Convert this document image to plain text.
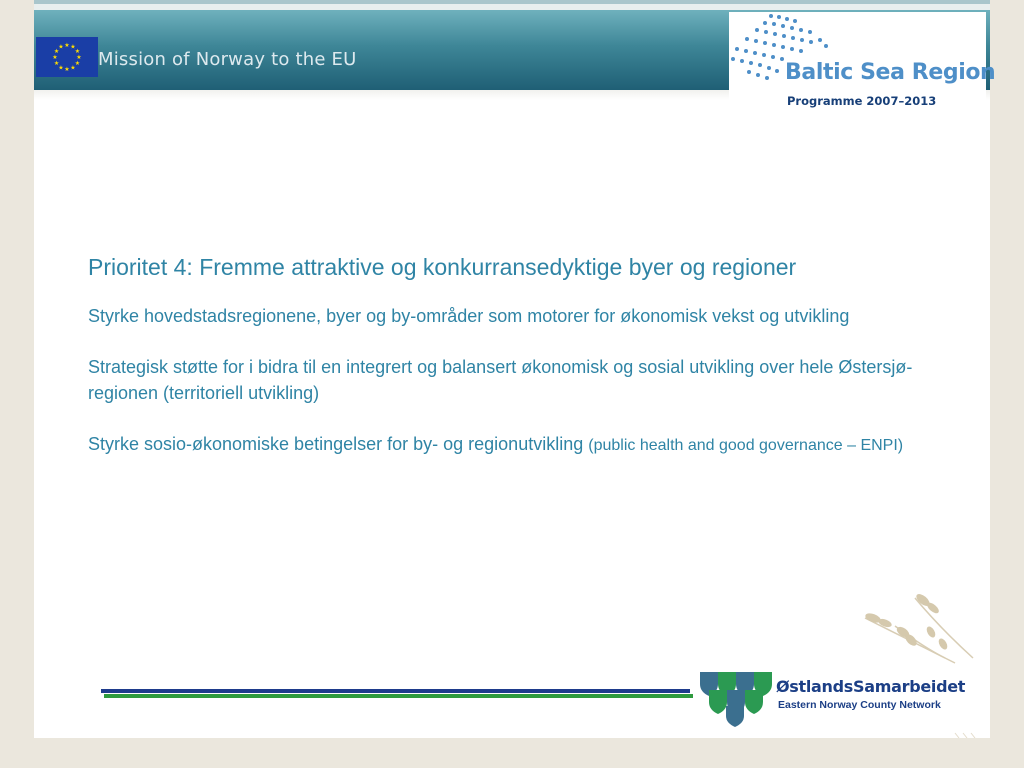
★ ★
★
★
★
★
★
★
★
★
★
★
Mission of Norway to the EU
Baltic Sea Region
Programme 2007–2013
Prioritet 4: Fremme attraktive og konkurransedyktige byer og regioner
Styrke hovedstadsregionene, byer og by-områder som motorer for økonomisk vekst og utvikling
Strategisk støtte for i bidra til en integrert og balansert økonomisk og sosial utvikling over hele Østersjø-regionen (territoriell utvikling)
Styrke sosio-økonomiske betingelser for by- og regionutvikling (public health and good governance – ENPI)
ØstlandsSamarbeidet
Eastern Norway County Network
